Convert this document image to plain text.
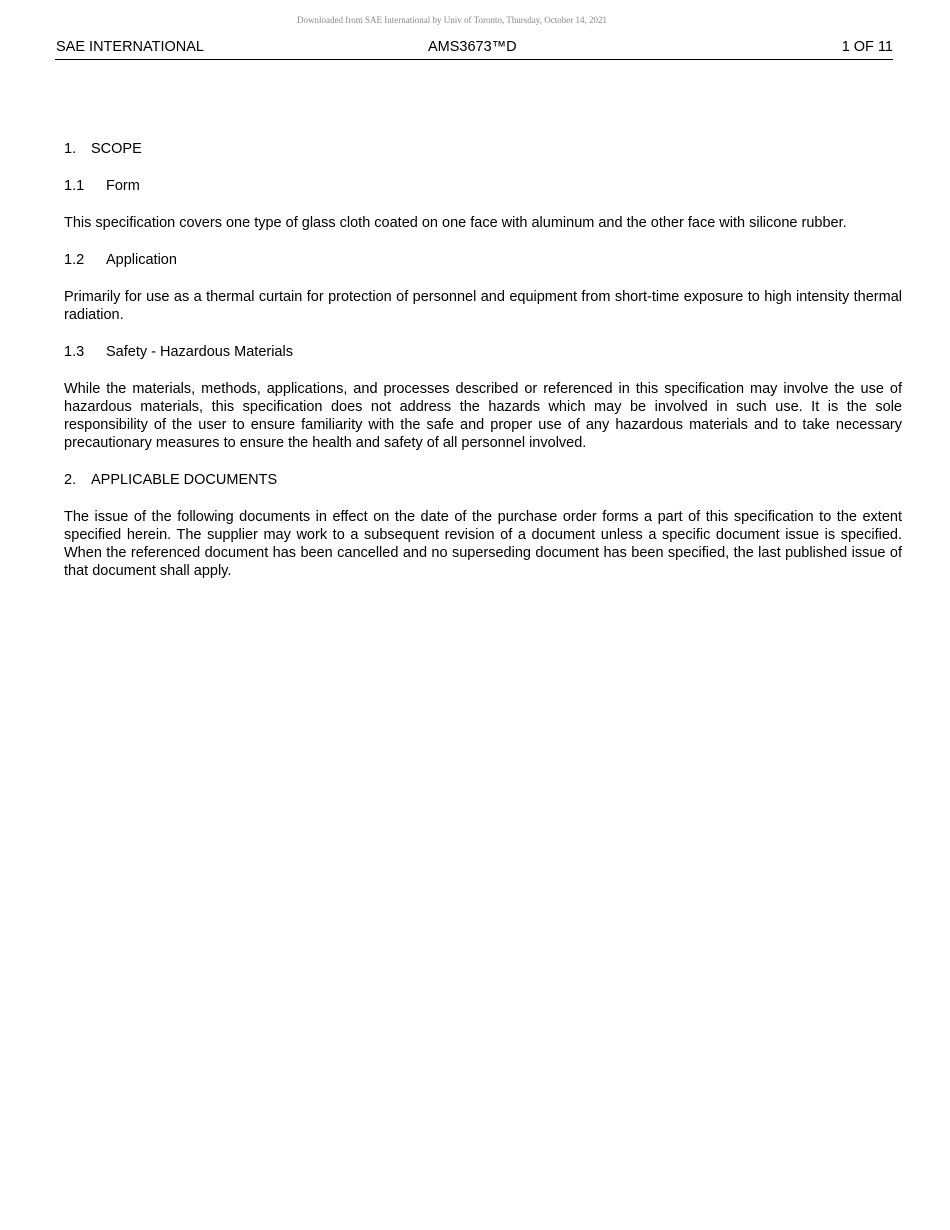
Downloaded from SAE International by Univ of Toronto, Thursday, October 14, 2021
SAE INTERNATIONAL	AMS3673™D	1 OF 11
1. SCOPE
1.1 Form

This specification covers one type of glass cloth coated on one face with aluminum and the other face with silicone rubber.

1.2 Application

Primarily for use as a thermal curtain for protection of personnel and equipment from short-time exposure to high intensity thermal radiation.

1.3 Safety - Hazardous Materials

While the materials, methods, applications, and processes described or referenced in this specification may involve the use of hazardous materials, this specification does not address the hazards which may be involved in such use. It is the sole responsibility of the user to ensure familiarity with the safe and proper use of any hazardous materials and to take necessary precautionary measures to ensure the health and safety of all personnel involved.

2. APPLICABLE DOCUMENTS

The issue of the following documents in effect on the date of the purchase order forms a part of this specification to the extent specified herein. The supplier may work to a subsequent revision of a document unless a specific document issue is specified. When the referenced document has been cancelled and no superseding document has been specified, the last published issue of that document shall apply.
